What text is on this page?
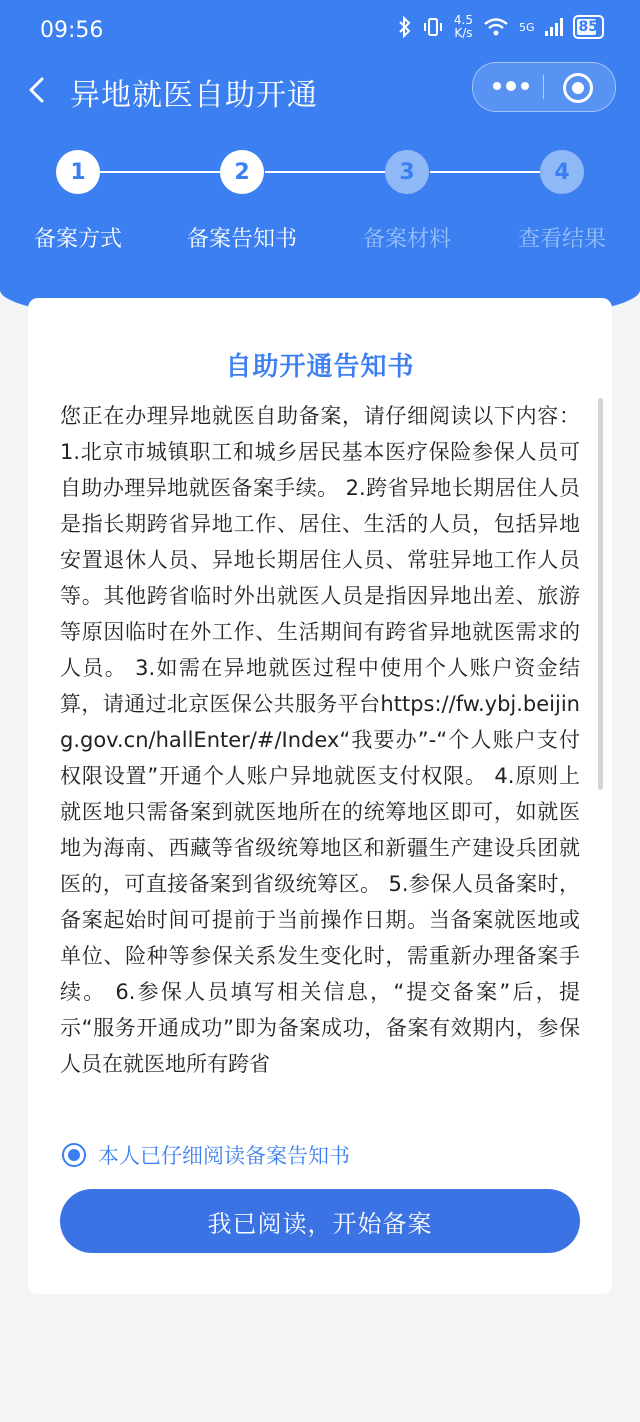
09:56	4.5
K/s	5G	85
异地就医自助开通
1	2	3	4
备案方式	备案告知书	备案材料	查看结果
自助开通告知书

您正在办理异地就医自助备案，请仔细阅读以下内容： 1.北京市城镇职工和城乡居民基本医疗保险参保人员可自助办理异地就医备案手续。 2.跨省异地长期居住人员是指长期跨省异地工作、居住、生活的人员，包括异地安置退休人员、异地长期居住人员、常驻异地工作人员等。其他跨省临时外出就医人员是指因异地出差、旅游等原因临时在外工作、生活期间有跨省异地就医需求的人员。 3.如需在异地就医过程中使用个人账户资金结算，请通过北京医保公共服务平台https://fw.ybj.beijing.gov.cn/hallEnter/#/Index“我要办”-“个人账户支付权限设置”开通个人账户异地就医支付权限。 4.原则上就医地只需备案到就医地所在的统筹地区即可，如就医地为海南、西藏等省级统筹地区和新疆生产建设兵团就医的，可直接备案到省级统筹区。 5.参保人员备案时，备案起始时间可提前于当前操作日期。当备案就医地或单位、险种等参保关系发生变化时，需重新办理备案手续。 6.参保人员填写相关信息，“提交备案”后，提示“服务开通成功”即为备案成功，备案有效期内，参保人员在就医地所有跨省

本人已仔细阅读备案告知书
我已阅读，开始备案
